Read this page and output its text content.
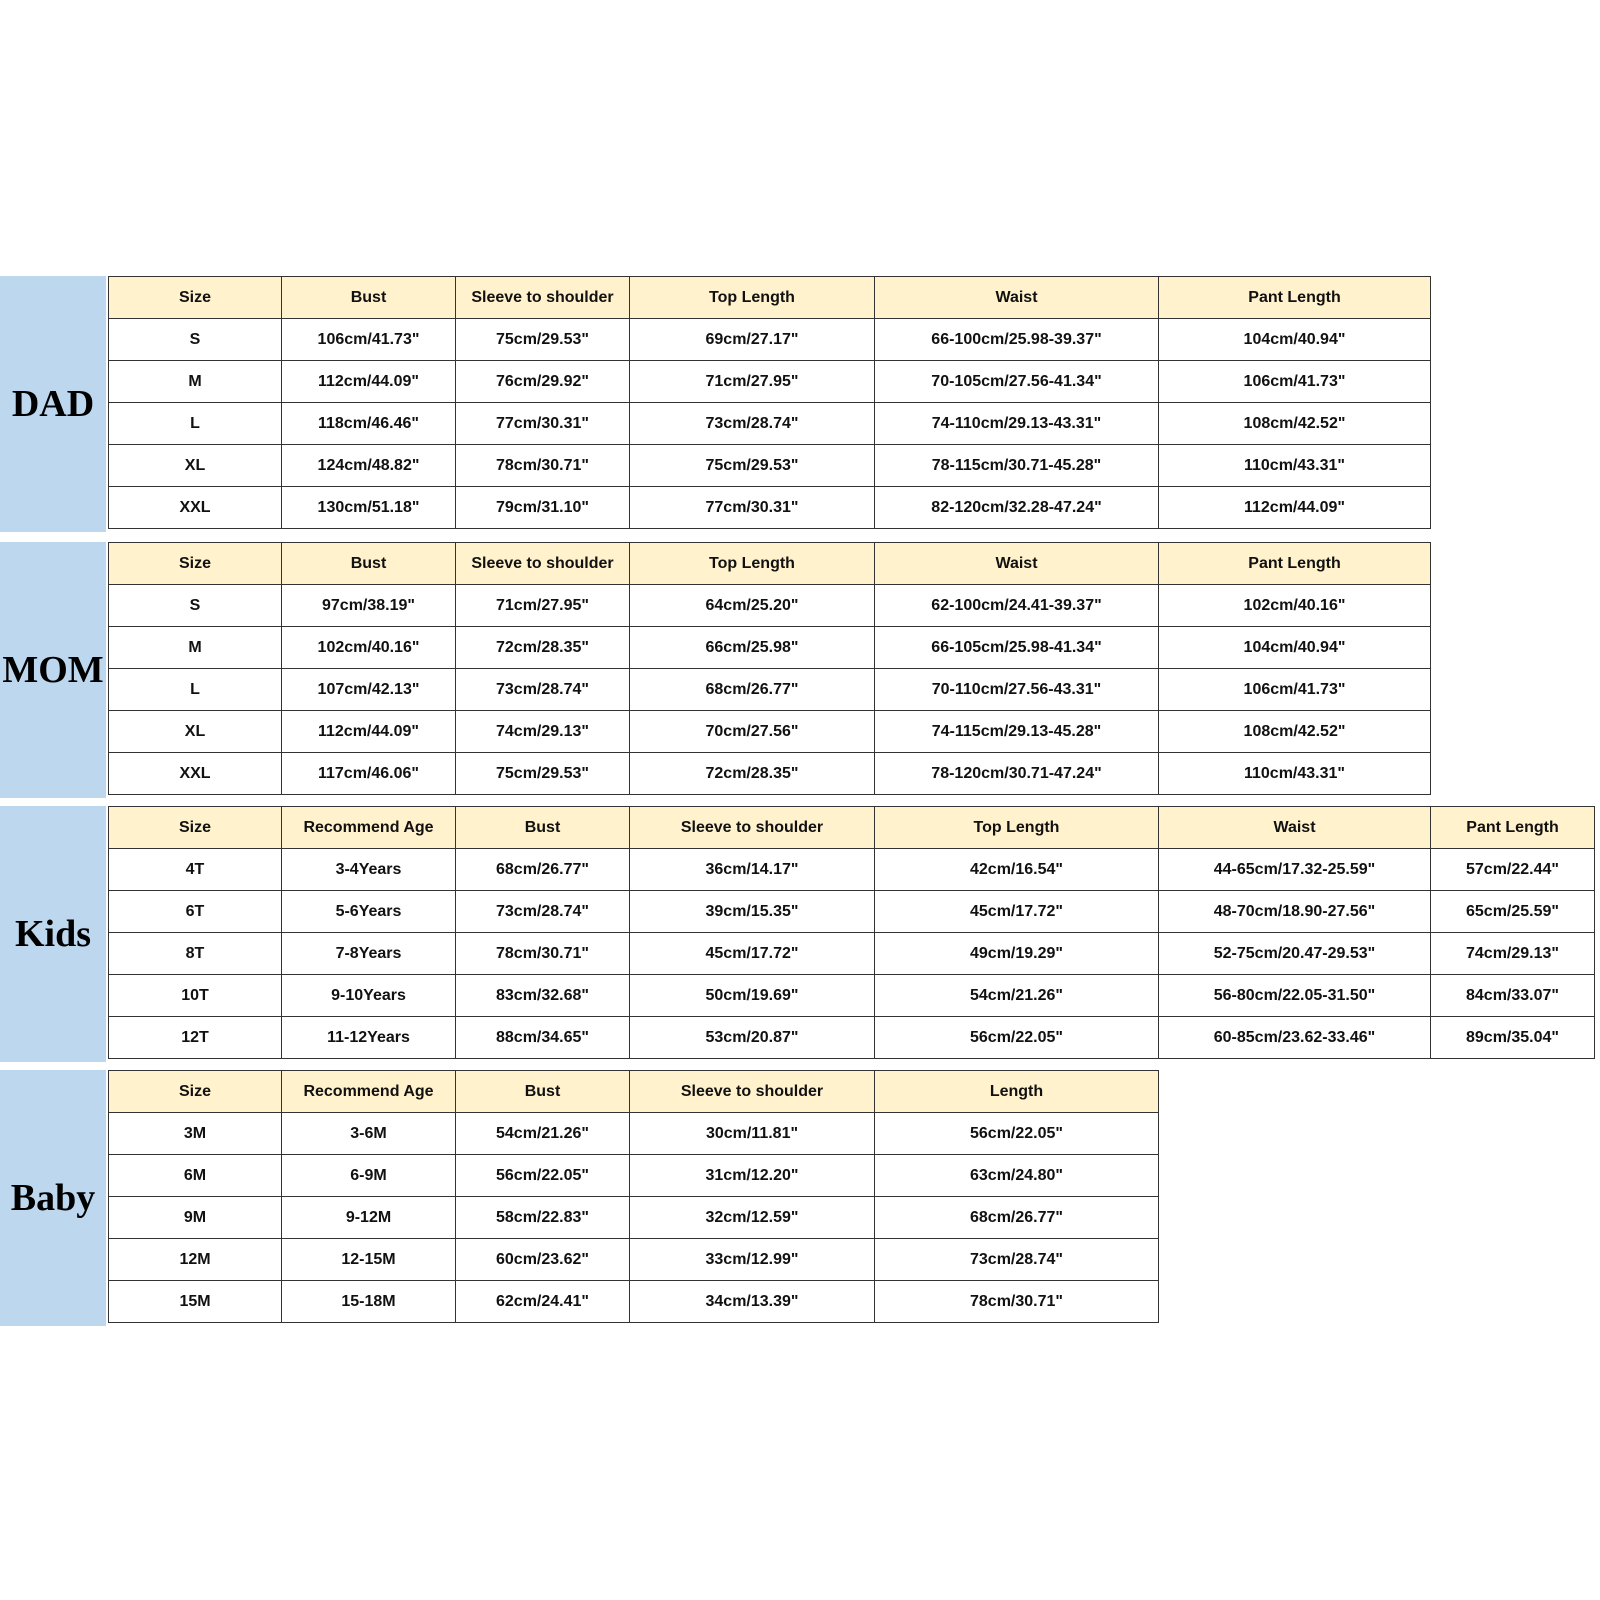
DAD
Size	Bust	Sleeve to shoulder	Top Length	Waist	Pant Length
S	106cm/41.73"	75cm/29.53"	69cm/27.17"	66-100cm/25.98-39.37"	104cm/40.94"
M	112cm/44.09"	76cm/29.92"	71cm/27.95"	70-105cm/27.56-41.34"	106cm/41.73"
L	118cm/46.46"	77cm/30.31"	73cm/28.74"	74-110cm/29.13-43.31"	108cm/42.52"
XL	124cm/48.82"	78cm/30.71"	75cm/29.53"	78-115cm/30.71-45.28"	110cm/43.31"
XXL	130cm/51.18"	79cm/31.10"	77cm/30.31"	82-120cm/32.28-47.24"	112cm/44.09"
MOM
Size	Bust	Sleeve to shoulder	Top Length	Waist	Pant Length
S	97cm/38.19"	71cm/27.95"	64cm/25.20"	62-100cm/24.41-39.37"	102cm/40.16"
M	102cm/40.16"	72cm/28.35"	66cm/25.98"	66-105cm/25.98-41.34"	104cm/40.94"
L	107cm/42.13"	73cm/28.74"	68cm/26.77"	70-110cm/27.56-43.31"	106cm/41.73"
XL	112cm/44.09"	74cm/29.13"	70cm/27.56"	74-115cm/29.13-45.28"	108cm/42.52"
XXL	117cm/46.06"	75cm/29.53"	72cm/28.35"	78-120cm/30.71-47.24"	110cm/43.31"
Kids
Size	Recommend Age	Bust	Sleeve to shoulder	Top Length	Waist	Pant Length
4T	3-4Years	68cm/26.77"	36cm/14.17"	42cm/16.54"	44-65cm/17.32-25.59"	57cm/22.44"
6T	5-6Years	73cm/28.74"	39cm/15.35"	45cm/17.72"	48-70cm/18.90-27.56"	65cm/25.59"
8T	7-8Years	78cm/30.71"	45cm/17.72"	49cm/19.29"	52-75cm/20.47-29.53"	74cm/29.13"
10T	9-10Years	83cm/32.68"	50cm/19.69"	54cm/21.26"	56-80cm/22.05-31.50"	84cm/33.07"
12T	11-12Years	88cm/34.65"	53cm/20.87"	56cm/22.05"	60-85cm/23.62-33.46"	89cm/35.04"
Baby
Size	Recommend Age	Bust	Sleeve to shoulder	Length
3M	3-6M	54cm/21.26"	30cm/11.81"	56cm/22.05"
6M	6-9M	56cm/22.05"	31cm/12.20"	63cm/24.80"
9M	9-12M	58cm/22.83"	32cm/12.59"	68cm/26.77"
12M	12-15M	60cm/23.62"	33cm/12.99"	73cm/28.74"
15M	15-18M	62cm/24.41"	34cm/13.39"	78cm/30.71"
